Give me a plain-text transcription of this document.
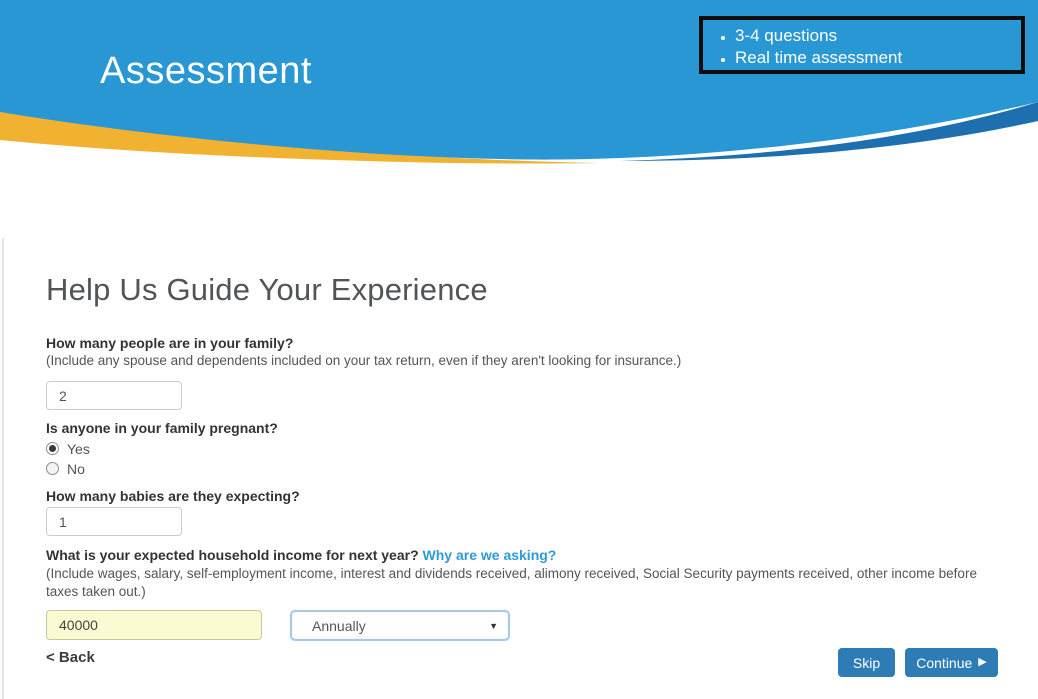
Assessment
• 3-4 questions
• Real time assessment
Help Us Guide Your Experience
How many people are in your family?
(Include any spouse and dependents included on your tax return, even if they aren't looking for insurance.)
2
Is anyone in your family pregnant?
Yes
No
How many babies are they expecting?
1
What is your expected household income for next year? Why are we asking?
(Include wages, salary, self-employment income, interest and dividends received, alimony received, Social Security payments received, other income before taxes taken out.)
40000
Annually	▼
< Back	Skip	Continue ▶
